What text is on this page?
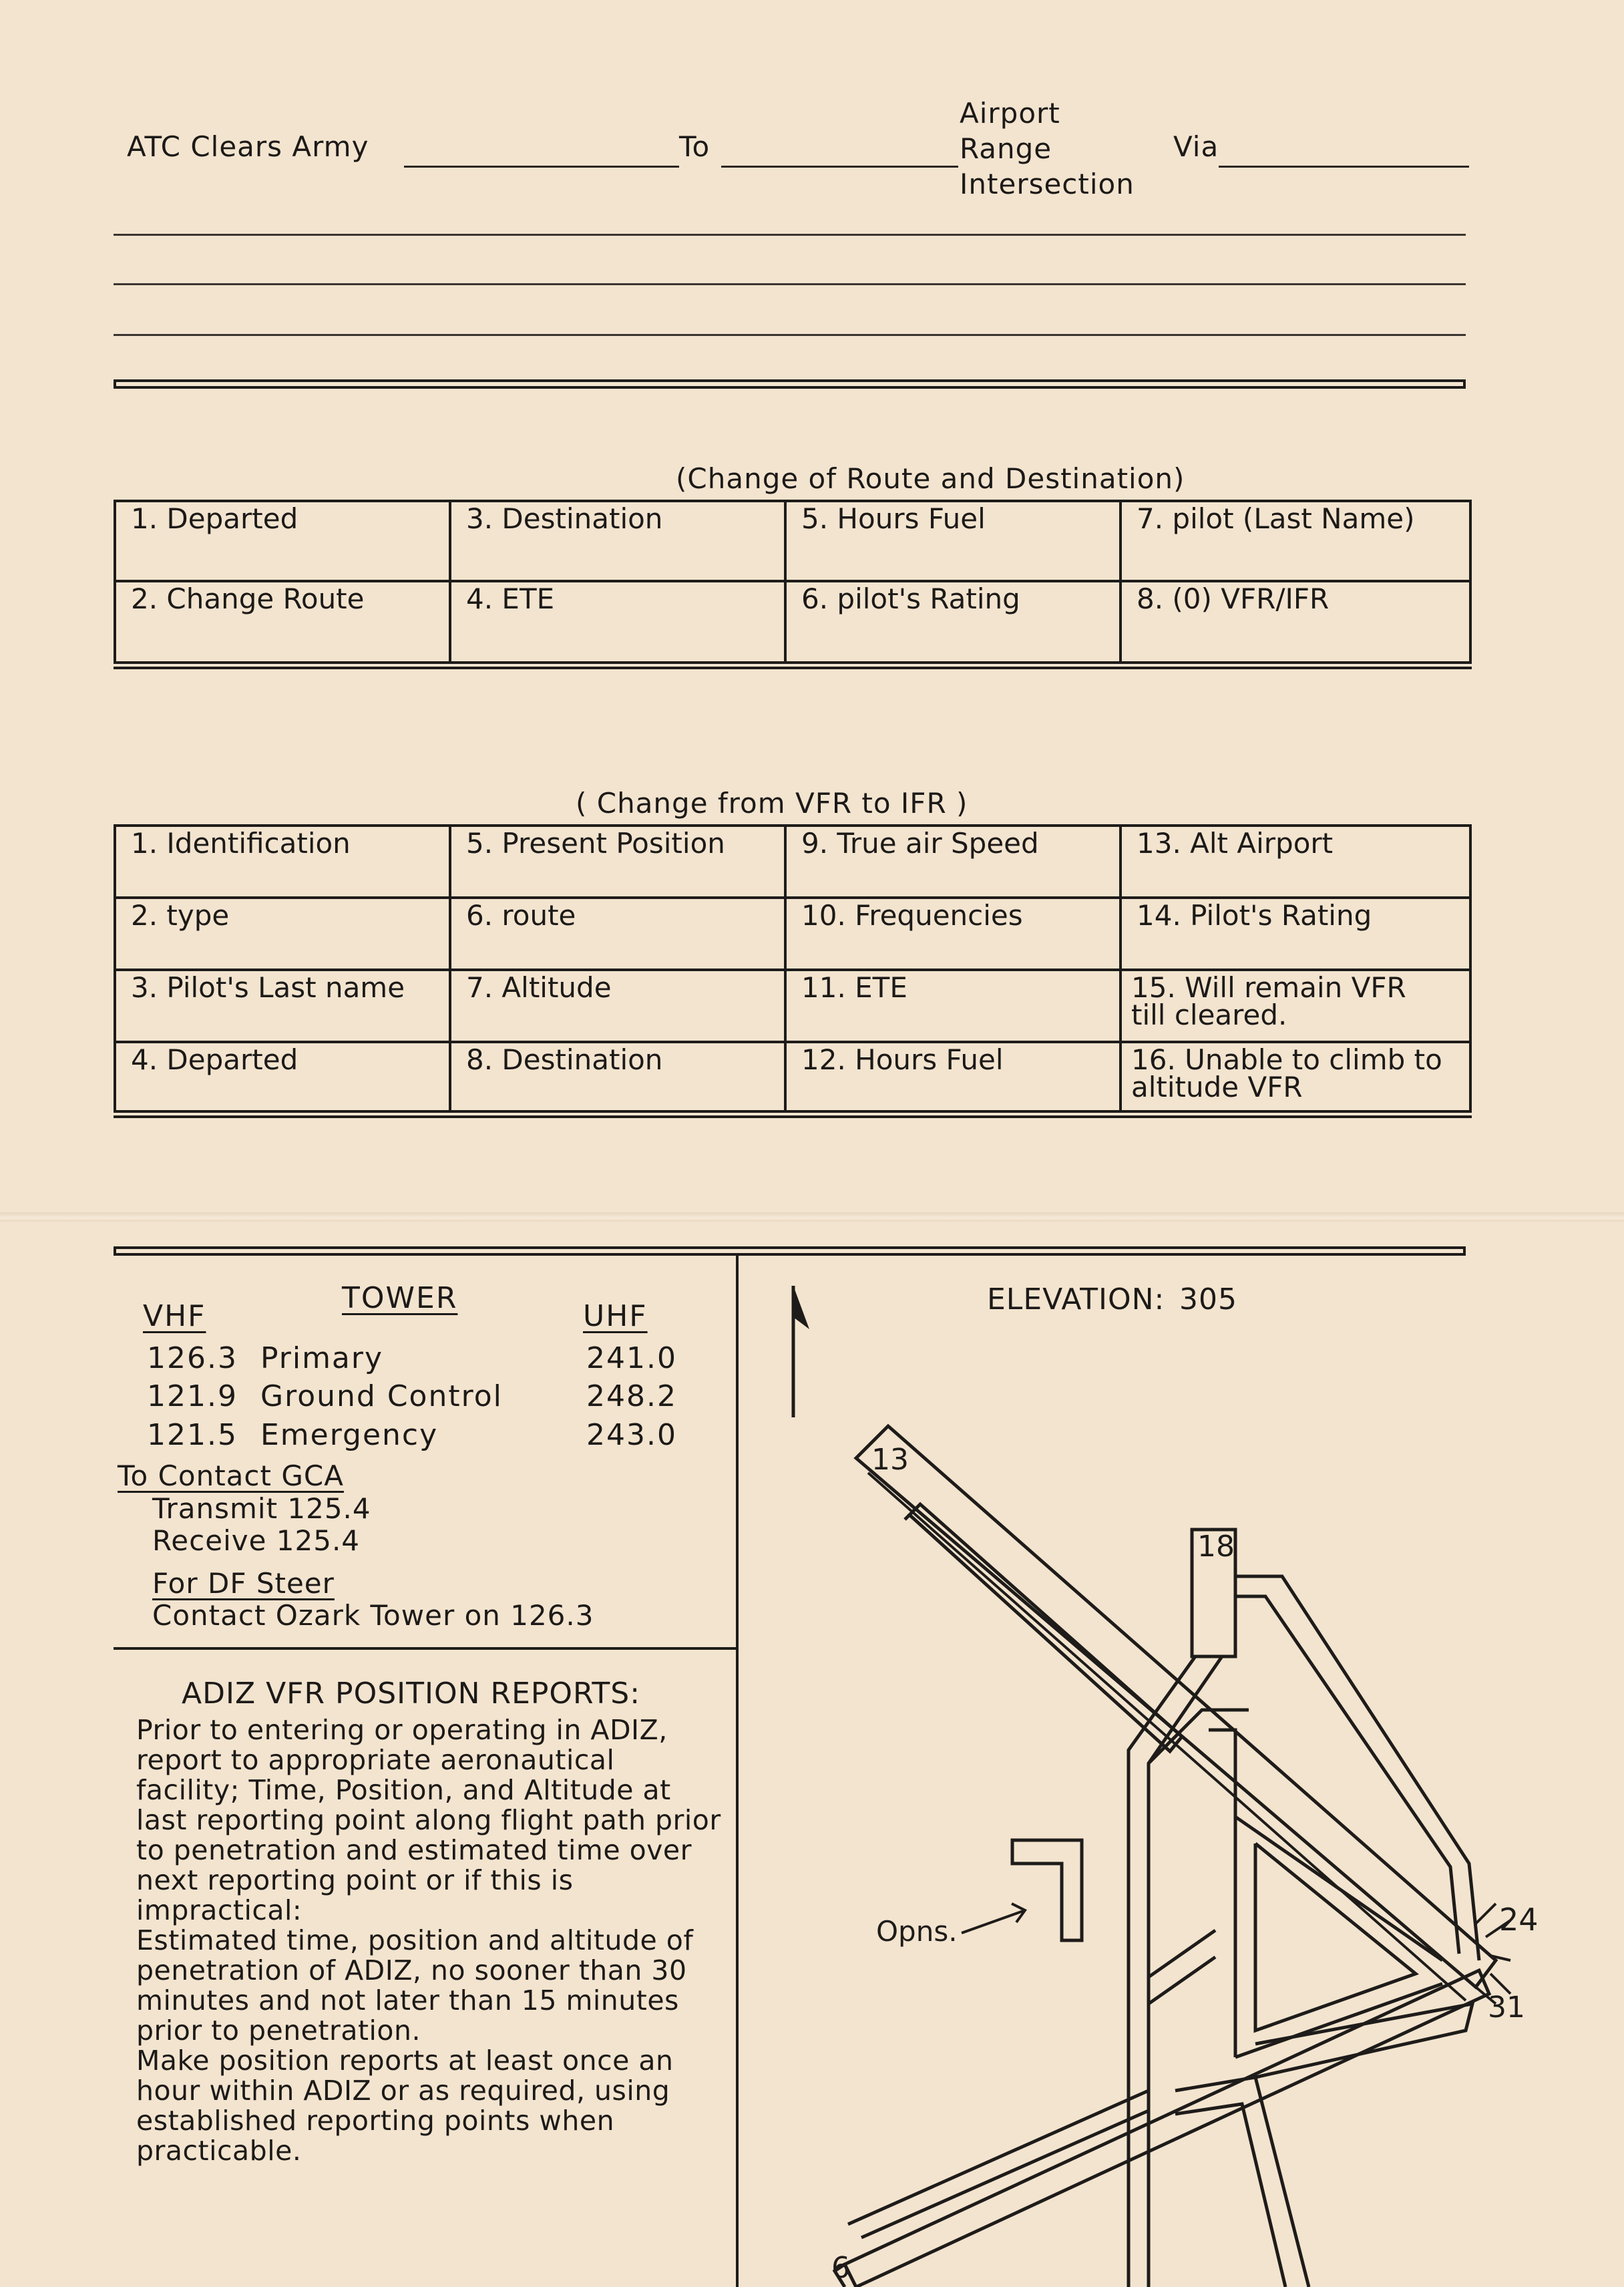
ATC Clears Army	To
Airport
Range
Intersection
Via
(Change of Route and Destination)
1. Departed	3. Destination	5. Hours Fuel	7. pilot (Last Name)
2. Change Route	4. ETE	6. pilot's Rating	8. (0) VFR/IFR
( Change from VFR to IFR )
1. Identification	5. Present Position	9. True air Speed	13. Alt Airport
2. type	6. route	10. Frequencies	14. Pilot's Rating
3. Pilot's Last name	7. Altitude	11. ETE	15. Will remain VFR till cleared.
4. Departed	8. Destination	12. Hours Fuel	16. Unable to climb to altitude VFR
TOWER
VHF	UHF
126.3 Primary	241.0
121.9 Ground Control	248.2
121.5 Emergency	243.0
To Contact GCA
Transmit 125.4
Receive 125.4
For DF Steer
Contact Ozark Tower on 126.3
ADIZ VFR POSITION REPORTS:

Prior to entering or operating in ADIZ, report to appropriate aeronautical facility; Time, Position, and Altitude at last reporting point along flight path prior to penetration and estimated time over next reporting point or if this is impractical:

Estimated time, position and altitude of penetration of ADIZ, no sooner than 30 minutes and not later than 15 minutes prior to penetration.

Make position reports at least once an hour within ADIZ or as required, using established reporting points when practicable.

ELEVATION: 305
13
18
24
31
6
Opns.
